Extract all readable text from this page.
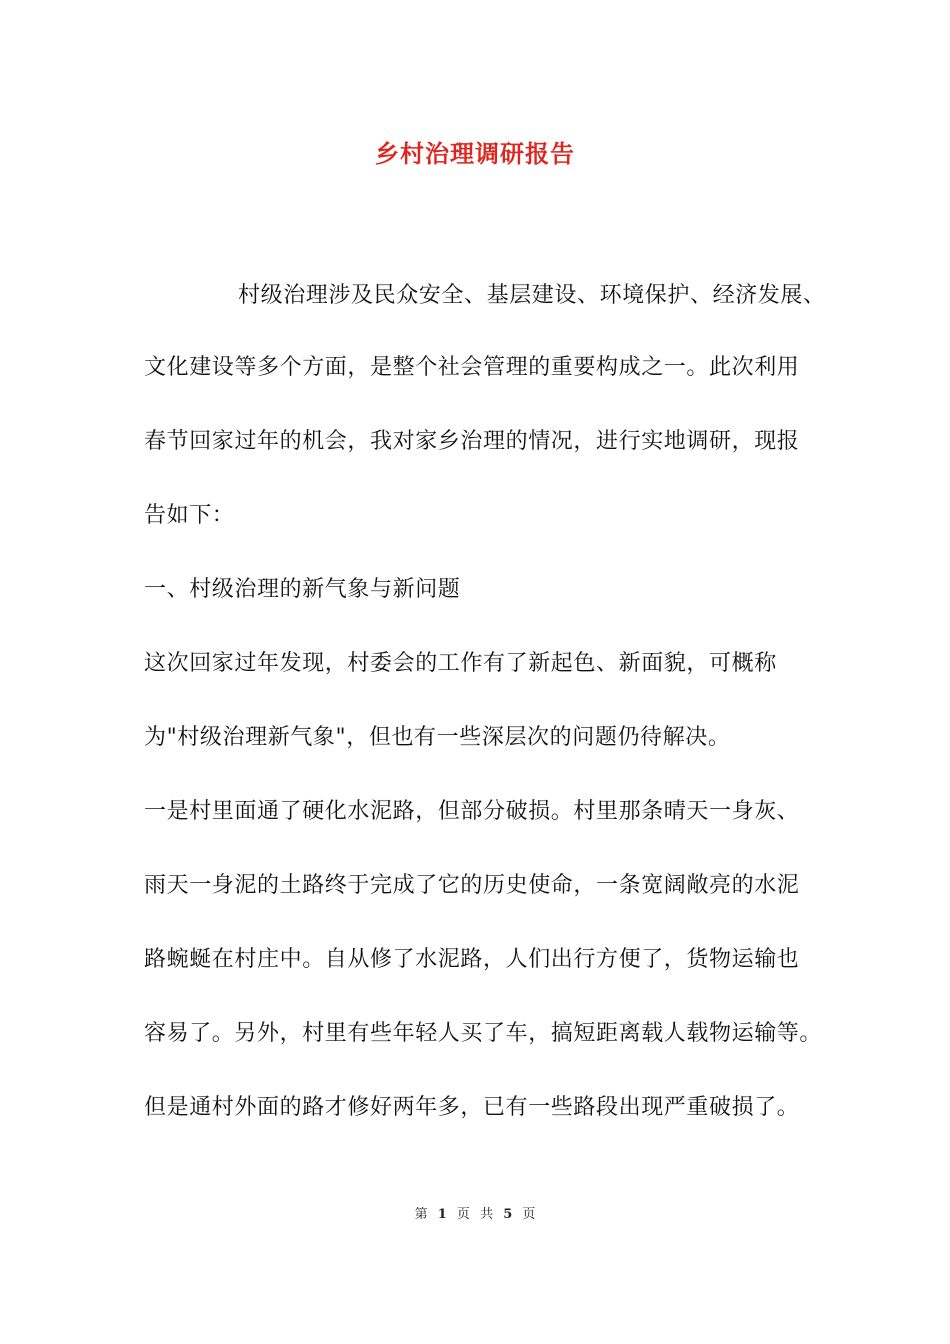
乡村治理调研报告
村级治理涉及民众安全、基层建设、环境保护、经济发展、
文化建设等多个方面，是整个社会管理的重要构成之一。此次利用
春节回家过年的机会，我对家乡治理的情况，进行实地调研，现报
告如下：
一、村级治理的新气象与新问题
这次回家过年发现，村委会的工作有了新起色、新面貌，可概称
为"村级治理新气象"，但也有一些深层次的问题仍待解决。
一是村里面通了硬化水泥路，但部分破损。村里那条晴天一身灰、
雨天一身泥的土路终于完成了它的历史使命，一条宽阔敞亮的水泥
路蜿蜒在村庄中。自从修了水泥路，人们出行方便了，货物运输也
容易了。另外，村里有些年轻人买了车，搞短距离载人载物运输等。
但是通村外面的路才修好两年多，已有一些路段出现严重破损了。
第 1 页 共 5 页
